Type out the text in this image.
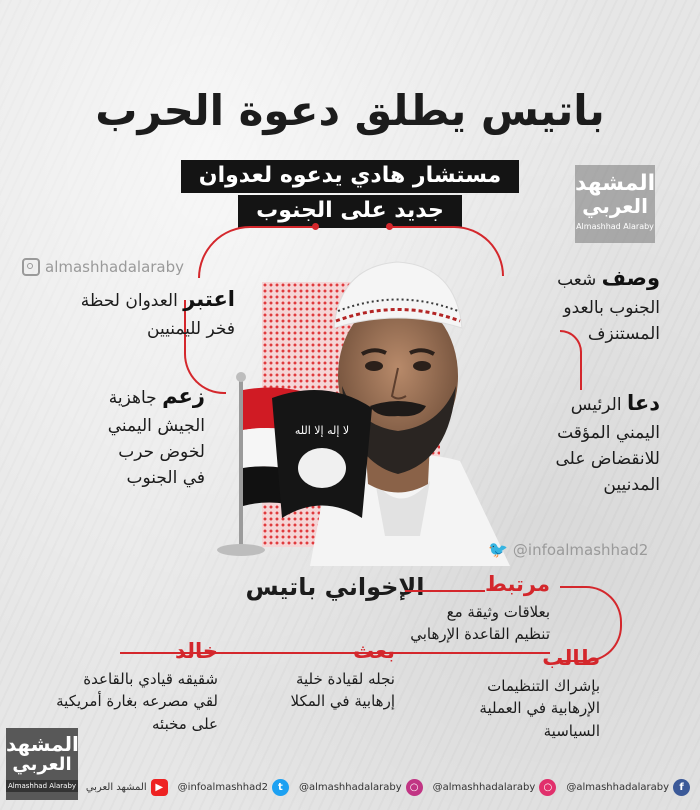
باتيس يطلق دعوة الحرب
مستشار هادي يدعوه لعدوان
جديد على الجنوب
المشهد
العربي
Almashhad Alaraby
almashhadalaraby
لا إله إلا الله
اعتبر العدوان لحظة
فخر لليمنيين
وصف شعب
الجنوب بالعدو
المستنزف
زعم جاهزية
الجيش اليمني
لخوض حرب
في الجنوب
دعا الرئيس
اليمني المؤقت
للانقضاض على
المدنيين
🐦 @infoalmashhad2
الإخواني باتيس	مرتبط
بعلاقات وثيقة مع
تنظيم القاعدة الإرهابي
طالب
بإشراك التنظيمات
الإرهابية في العملية
السياسية
بعث
نجله لقيادة خلية
إرهابية في المكلا
خالد
شقيقه قيادي بالقاعدة
لقي مصرعه بغارة أمريكية
على مخبئه
المشهد
العربي
Almashhad Alaraby المشهد العربي ▶	@infoalmashhad2	t	@almashhadalaraby ○	@almashhadalaraby ○	@almashhadalaraby	f
